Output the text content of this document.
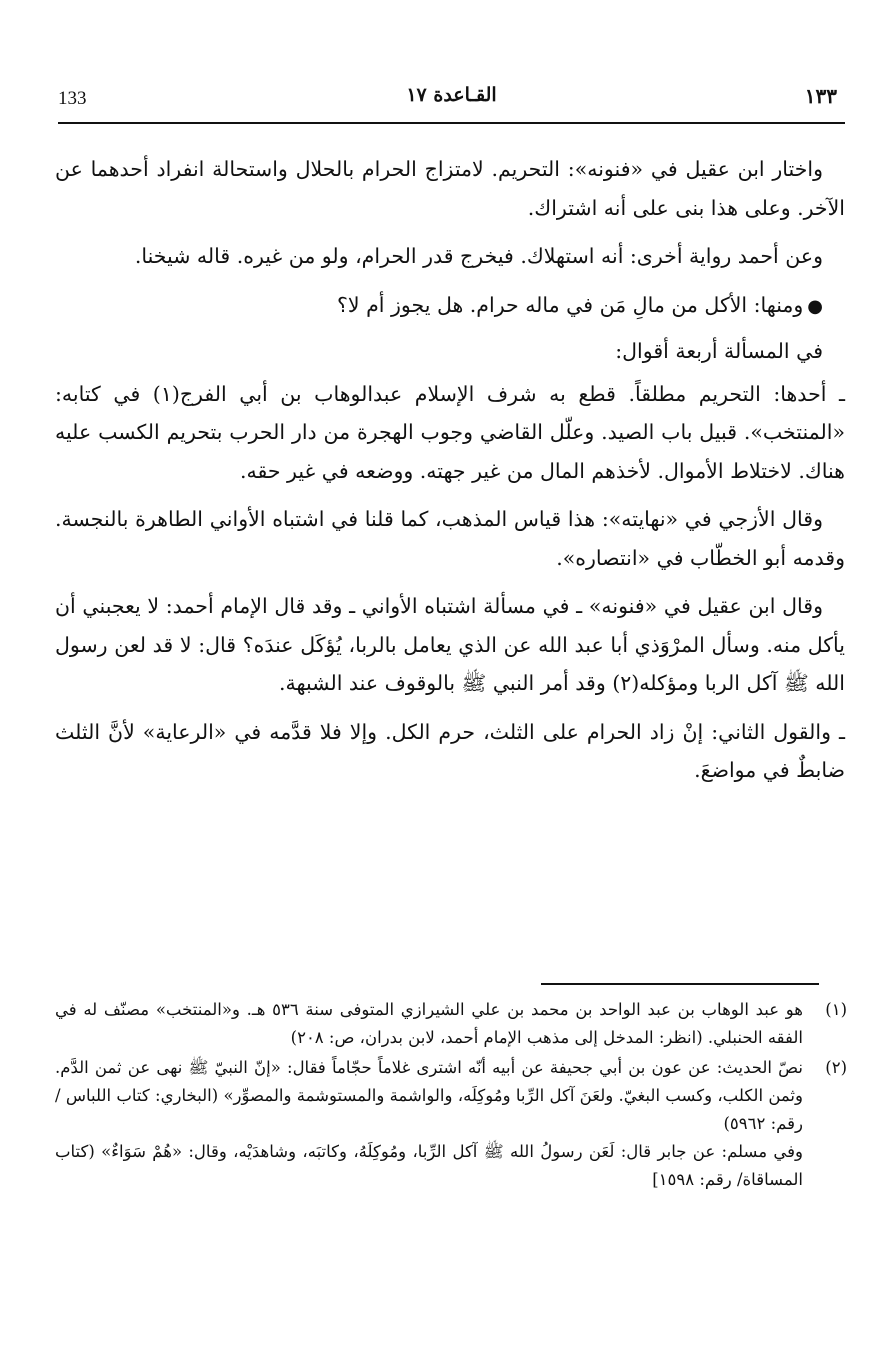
133	القـاعدة ١٧	١٣٣

واختار ابن عقيل في «فنونه»: التحريم. لامتزاج الحرام بالحلال واستحالة انفراد أحدهما عن الآخر. وعلى هذا بنى على أنه اشتراك.

وعن أحمد رواية أخرى: أنه استهلاك. فيخرج قدر الحرام، ولو من غيره. قاله شيخنا.

●ومنها: الأكل من مالِ مَن في ماله حرام. هل يجوز أم لا؟

في المسألة أربعة أقوال:

ـ أحدها: التحريم مطلقاً. قطع به شرف الإسلام عبدالوهاب بن أبي الفرج(١) في كتابه: «المنتخب». قبيل باب الصيد. وعلّل القاضي وجوب الهجرة من دار الحرب بتحريم الكسب عليه هناك. لاختلاط الأموال. لأخذهم المال من غير جهته. ووضعه في غير حقه.

وقال الأزجي في «نهايته»: هذا قياس المذهب، كما قلنا في اشتباه الأواني الطاهرة بالنجسة. وقدمه أبو الخطّاب في «انتصاره».

وقال ابن عقيل في «فنونه» ـ في مسألة اشتباه الأواني ـ وقد قال الإمام أحمد: لا يعجبني أن يأكل منه. وسأل المرْوَذي أبا عبد الله عن الذي يعامل بالربا، يُؤكَل عندَه؟ قال: لا قد لعن رسول الله ﷺ آكل الربا ومؤكله(٢) وقد أمر النبي ﷺ بالوقوف عند الشبهة.

ـ والقول الثاني: إنْ زاد الحرام على الثلث، حرم الكل. وإلا فلا قدَّمه في «الرعاية» لأنَّ الثلث ضابطٌ في مواضعَ.

(١)
هو عبد الوهاب بن عبد الواحد بن محمد بن علي الشيرازي المتوفى سنة ٥٣٦ هـ. و«المنتخب» مصنّف له في الفقه الحنبلي. (انظر: المدخل إلى مذهب الإمام أحمد، لابن بدران، ص: ٢٠٨)
(٢)
نصّ الحديث: عن عون بن أبي جحيفة عن أبيه أنّه اشترى غلاماً حجّاماً فقال: «إنّ النبيّ ﷺ نهى عن ثمن الدَّم. وثمن الكلب، وكسب البغيّ. ولعَنَ آكل الرِّبا ومُوكِلَه، والواشمة والمستوشمة والمصوِّر» (البخاري: كتاب اللباس / رقم: ٥٩٦٢)
وفي مسلم: عن جابر قال: لَعَن رسولُ الله ﷺ آكل الرِّبا، ومُوكِلَهُ، وكاتبَه، وشاهدَيْه، وقال: «هُمْ سَوَاءٌ» (كتاب المساقاة/ رقم: ١٥٩٨]
